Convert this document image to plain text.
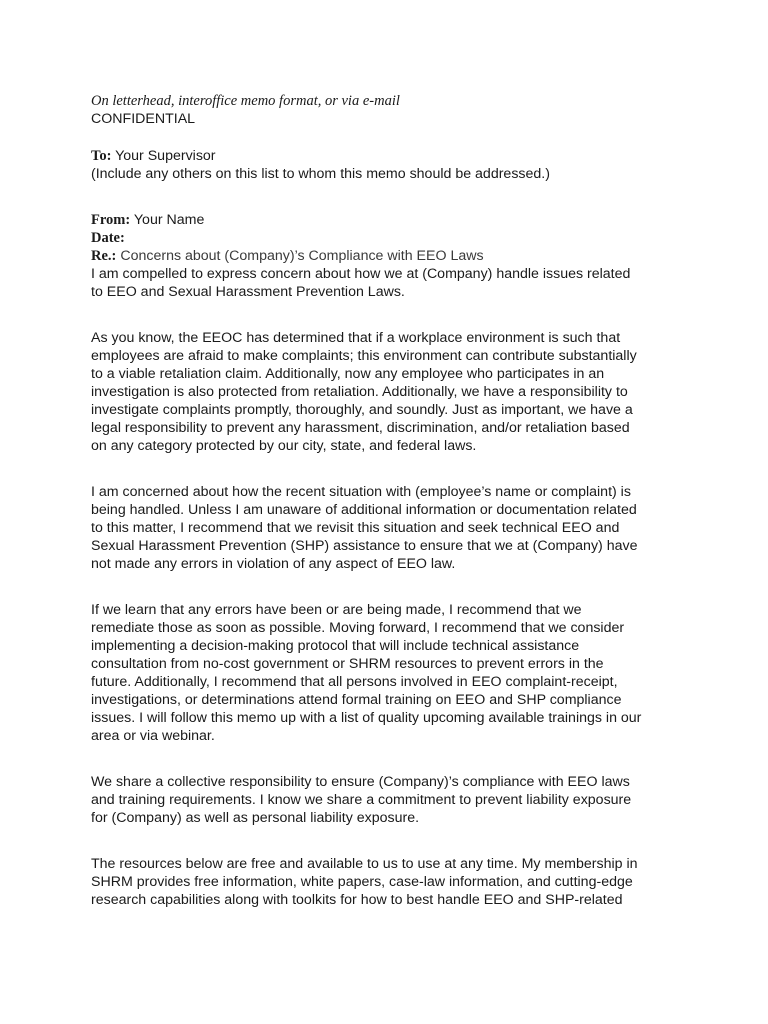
On letterhead, interoffice memo format, or via e-mail
CONFIDENTIAL
To: Your Supervisor
(Include any others on this list to whom this memo should be addressed.)
From: Your Name
Date:
Re.: Concerns about (Company)’s Compliance with EEO Laws
I am compelled to express concern about how we at (Company) handle issues related
to EEO and Sexual Harassment Prevention Laws.
As you know, the EEOC has determined that if a workplace environment is such that
employees are afraid to make complaints; this environment can contribute substantially
to a viable retaliation claim. Additionally, now any employee who participates in an
investigation is also protected from retaliation. Additionally, we have a responsibility to
investigate complaints promptly, thoroughly, and soundly. Just as important, we have a
legal responsibility to prevent any harassment, discrimination, and/or retaliation based
on any category protected by our city, state, and federal laws.
I am concerned about how the recent situation with (employee’s name or complaint) is
being handled. Unless I am unaware of additional information or documentation related
to this matter, I recommend that we revisit this situation and seek technical EEO and
Sexual Harassment Prevention (SHP) assistance to ensure that we at (Company) have
not made any errors in violation of any aspect of EEO law.
If we learn that any errors have been or are being made, I recommend that we
remediate those as soon as possible. Moving forward, I recommend that we consider
implementing a decision-making protocol that will include technical assistance
consultation from no-cost government or SHRM resources to prevent errors in the
future. Additionally, I recommend that all persons involved in EEO complaint-receipt,
investigations, or determinations attend formal training on EEO and SHP compliance
issues. I will follow this memo up with a list of quality upcoming available trainings in our
area or via webinar.
We share a collective responsibility to ensure (Company)’s compliance with EEO laws
and training requirements. I know we share a commitment to prevent liability exposure
for (Company) as well as personal liability exposure.
The resources below are free and available to us to use at any time. My membership in
SHRM provides free information, white papers, case-law information, and cutting-edge
research capabilities along with toolkits for how to best handle EEO and SHP-related
